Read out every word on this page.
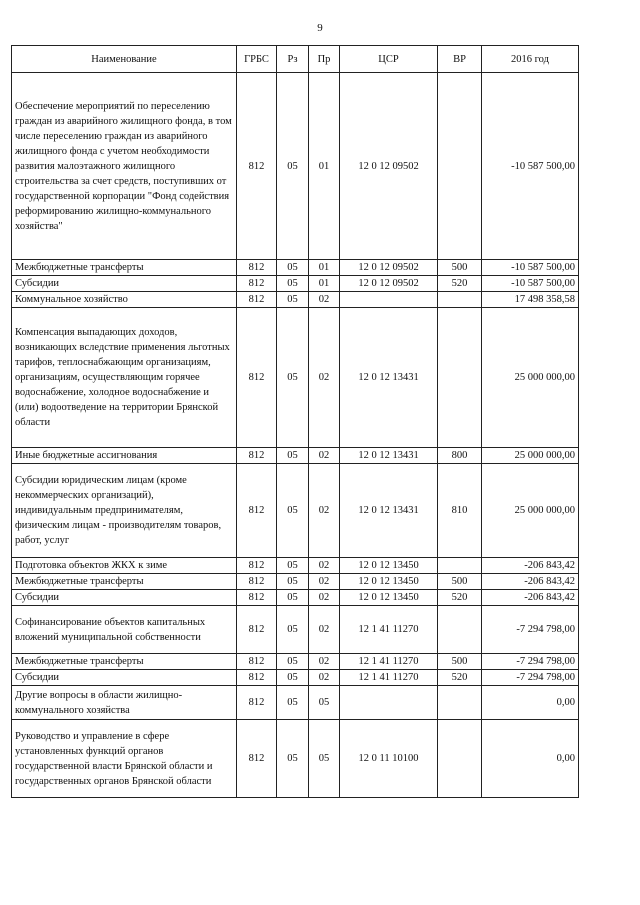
9
Наименование	ГРБС	Рз	Пр	ЦСР	ВР	2016 год
Обеспечение мероприятий по переселению граждан из аварийного жилищного фонда, в том числе переселению граждан из аварийного жилищного фонда с учетом необходимости развития малоэтажного жилищного строительства за счет средств, поступивших от государственной корпорации "Фонд содействия реформированию жилищно-коммунального хозяйства"	812	05	01	12 0 12 09502		-10 587 500,00
Межбюджетные трансферты	812	05	01	12 0 12 09502	500	-10 587 500,00
Субсидии	812	05	01	12 0 12 09502	520	-10 587 500,00
Коммунальное хозяйство	812	05	02			17 498 358,58
Компенсация выпадающих доходов, возникающих вследствие применения льготных тарифов, теплоснабжающим организациям, организациям, осуществляющим горячее водоснабжение, холодное водоснабжение и (или) водоотведение на территории Брянской области	812	05	02	12 0 12 13431		25 000 000,00
Иные бюджетные ассигнования	812	05	02	12 0 12 13431	800	25 000 000,00
Субсидии юридическим лицам (кроме некоммерческих организаций), индивидуальным предпринимателям, физическим лицам - производителям товаров, работ, услуг	812	05	02	12 0 12 13431	810	25 000 000,00
Подготовка объектов ЖКХ к зиме	812	05	02	12 0 12 13450		-206 843,42
Межбюджетные трансферты	812	05	02	12 0 12 13450	500	-206 843,42
Субсидии	812	05	02	12 0 12 13450	520	-206 843,42
Софинансирование объектов капитальных вложений муниципальной собственности	812	05	02	12 1 41 11270		-7 294 798,00
Межбюджетные трансферты	812	05	02	12 1 41 11270	500	-7 294 798,00
Субсидии	812	05	02	12 1 41 11270	520	-7 294 798,00
Другие вопросы в области жилищно-коммунального хозяйства	812	05	05			0,00
Руководство и управление в сфере установленных функций органов государственной власти Брянской области и государственных органов Брянской области	812	05	05	12 0 11 10100		0,00
